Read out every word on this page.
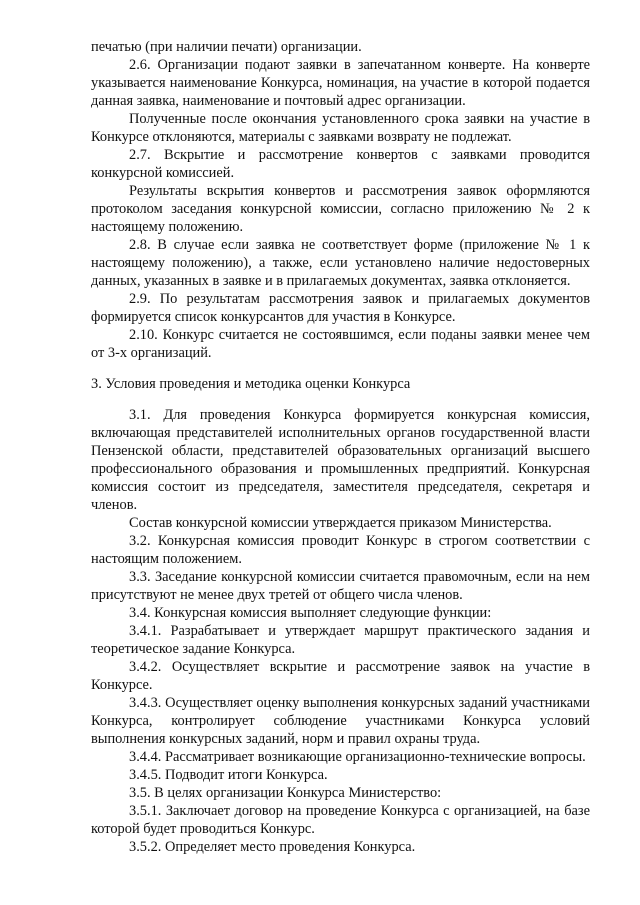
печатью (при наличии печати) организации.

2.6. Организации подают заявки в запечатанном конверте. На конверте указывается наименование Конкурса, номинация, на участие в которой подается данная заявка, наименование и почтовый адрес организации.

Полученные после окончания установленного срока заявки на участие в Конкурсе отклоняются, материалы с заявками возврату не подлежат.

2.7. Вскрытие и рассмотрение конвертов с заявками проводится конкурсной комиссией.

Результаты вскрытия конвертов и рассмотрения заявок оформляются протоколом заседания конкурсной комиссии, согласно приложению № 2 к настоящему положению.

2.8. В случае если заявка не соответствует форме (приложение № 1 к настоящему положению), а также, если установлено наличие недостоверных данных, указанных в заявке и в прилагаемых документах, заявка отклоняется.

2.9. По результатам рассмотрения заявок и прилагаемых документов формируется список конкурсантов для участия в Конкурсе.

2.10. Конкурс считается не состоявшимся, если поданы заявки менее чем от 3-х организаций.

3. Условия проведения и методика оценки Конкурса

3.1. Для проведения Конкурса формируется конкурсная комиссия, включающая представителей исполнительных органов государственной власти Пензенской области, представителей образовательных организаций высшего профессионального образования и промышленных предприятий. Конкурсная комиссия состоит из председателя, заместителя председателя, секретаря и членов.

Состав конкурсной комиссии утверждается приказом Министерства.

3.2. Конкурсная комиссия проводит Конкурс в строгом соответствии с настоящим положением.

3.3. Заседание конкурсной комиссии считается правомочным, если на нем присутствуют не менее двух третей от общего числа членов.

3.4. Конкурсная комиссия выполняет следующие функции:

3.4.1. Разрабатывает и утверждает маршрут практического задания и теоретическое задание Конкурса.

3.4.2. Осуществляет вскрытие и рассмотрение заявок на участие в Конкурсе.

3.4.3. Осуществляет оценку выполнения конкурсных заданий участниками Конкурса, контролирует соблюдение участниками Конкурса условий выполнения конкурсных заданий, норм и правил охраны труда.

3.4.4. Рассматривает возникающие организационно-технические вопросы.

3.4.5. Подводит итоги Конкурса.

3.5. В целях организации Конкурса Министерство:

3.5.1. Заключает договор на проведение Конкурса с организацией, на базе которой будет проводиться Конкурс.

3.5.2. Определяет место проведения Конкурса.
